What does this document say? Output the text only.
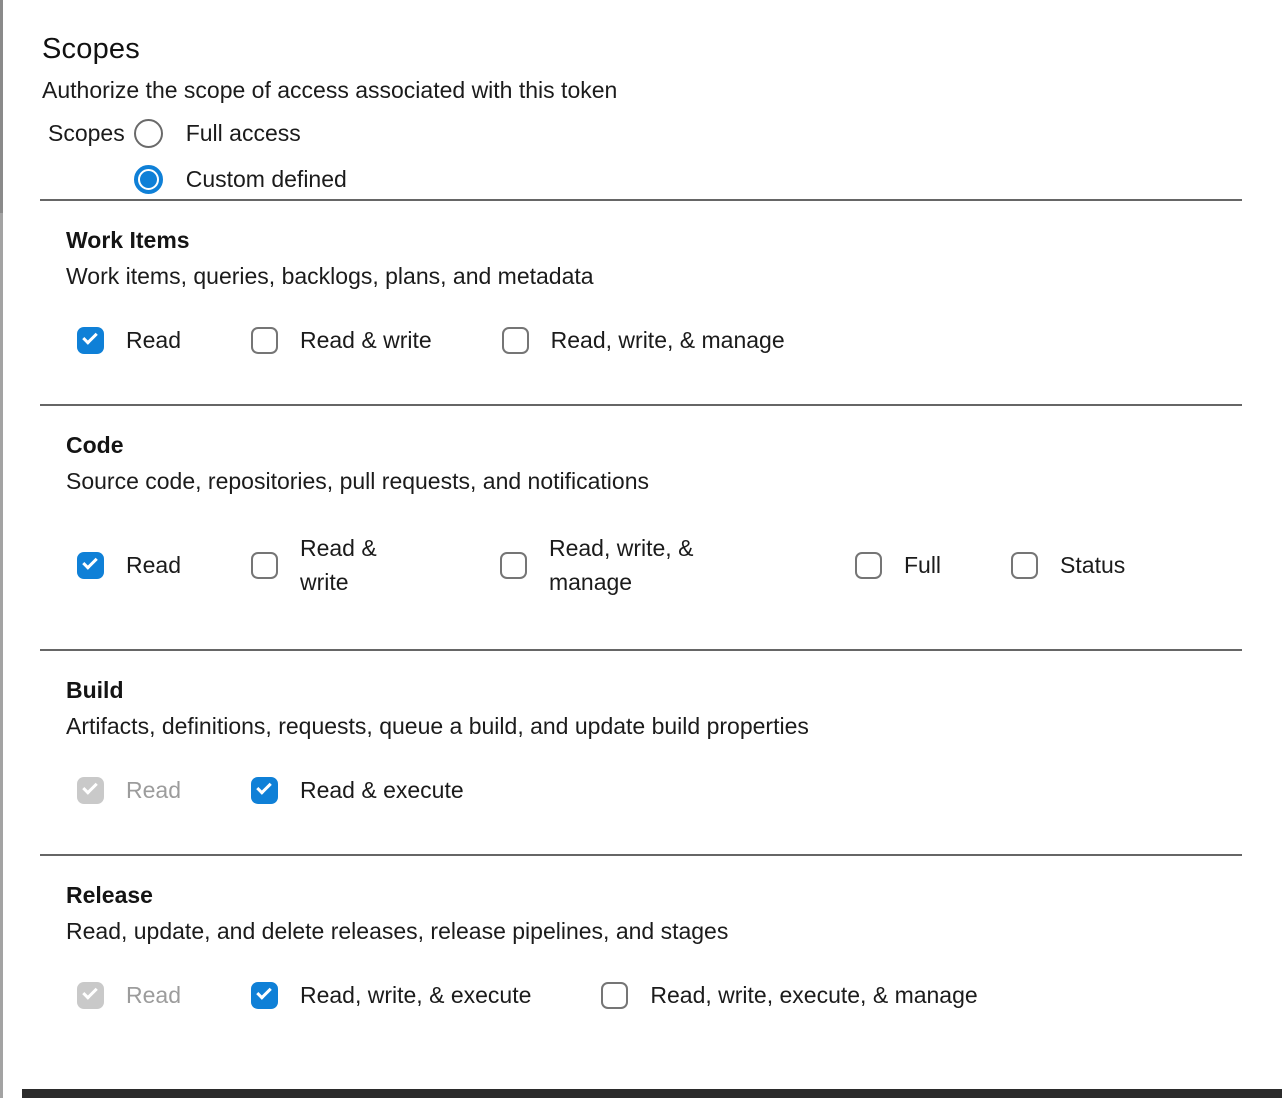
Scopes
Authorize the scope of access associated with this token
Scopes	Full access
Custom defined
Work Items
Work items, queries, backlogs, plans, and metadata
Read	Read & write	Read, write, & manage
Code
Source code, repositories, pull requests, and notifications
Read
Read & write
Read, write, & manage
Full	Status
Build
Artifacts, definitions, requests, queue a build, and update build properties
Read	Read & execute
Release
Read, update, and delete releases, release pipelines, and stages
Read	Read, write, & execute	Read, write, execute, & manage
